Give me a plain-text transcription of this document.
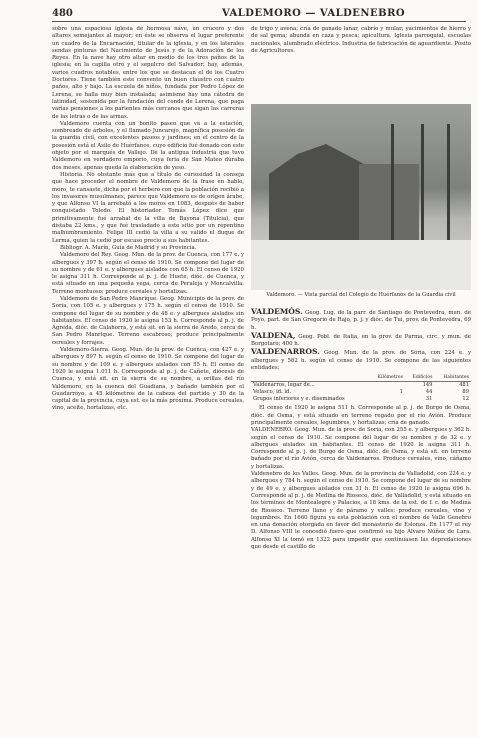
480	VALDEMORO — VALDENEBRO

sobre una espaciosa iglesia de hermosa nave, un crucero y dos altares semejantes al mayor; en éste se observa el lugar preferente un cuadro de la Encarnación, titular de la iglesia, y en los laterales sendas pinturas del Nacimiento de Jesús y de la Adoración de los Reyes. En la nave hay otro altar en medio de los tres paños de la iglesia; en la capilla otro y el sepulcro del Salvador; hay, además, varios cuadros notables, entre los que se destacan el de los Cuatro Doctores. Tiene también este convento un buen claustro con cuatro paños, alto y bajo. La escuela de niños, fundada por Pedro López de Lerena, se halla muy bien instalada; asimismo hay una cátedra de latinidad, sostenida por la fundación del conde de Lerena, que paga varias pensiones a los parientes más cercanos que sigan las carreras de las letras o de las armas.

Valdemoro cuenta con un bonito paseo que va a la estación, sombreado de árboles, y el llamado Juncarejo, magnífica posesión de la guardia civil, con excelentes paseos y jardines; en el centro de la posesión está el Asilo de Huérfanos, cuyo edificio fué donado con este objeto por el marqués de Vallejo. De la antigua industria que tuvo Valdemoro en verdadero emporio, cuya feria de San Mateo duraba dos meses, apenas queda la elaboración de yeso.

Historia. No obstante más que a título de curiosidad la conseja que hace proceder el nombre de Valdemoro de la frase en hable, moro, te cansaste, dicha por el herbero con que la población recibió a los invasores musulmanes, parece que Valdemoro es de origen árabe, y que Alfonso VI la arrebató a los moros en 1083, después de haber conquistado Toledo. El historiador Tomás López dice que primitivamente fué arrabal de la villa de Bayona (Titulcia), que distaba 22 kms., y que fué trasladado a este sitio por un repentino malhumbramiento. Felipe III cedió la villa a su valido el duque de Lerma, quien la cedió por escaso precio a sus habitantes.

Bibliogr. A. Marín, Guía de Madrid y su Provincia.

Valdemoro del Rey. Geog. Mun. de la prov. de Cuenca, con 177 e. y albergues y 397 h. según el censo de 1910. Se compone del lugar de su nombre y de 61 e. y albergues aislados con 65 h. El censo de 1920 le asigna 311 h. Corresponde al p. j. de Huete, dióc. de Cuenca, y está situado en una pequeña vega, cerca de Peraleja y Moncalvilla. Terreno montuoso; produce cereales y hortalizas.

Valdemoro de San Pedro Manrique. Geog. Municipio de la prov. de Soria, con 105 e. y albergues y 175 h. según el censo de 1910. Se compone del lugar de su nombre y de 48 e. y albergues aislados sin habitantes. El censo de 1920 le asigna 153 h. Corresponde al p. j. de Ágreda, dióc. de Calahorra, y está sit. en la sierra de Aredo, cerca de San Pedro Manrique. Terreno escabroso; produce principalmente cereales y forrajes.

Valdemoro-Sierra. Geog. Mun. de la prov. de Cuenca, con 427 e. y albergues y 897 h. según el censo de 1910. Se compone del lugar de su nombre y de 109 e. y albergues aislados con 55 h. El censo de 1920 le asigna 1.011 h. Corresponde al p. j. de Cañete, diócesis de Cuenca, y está sit. en la sierra de su nombre, a orillas del río Valdemoro, en la cuenca del Guadiana, y bañado también por el Guadarroyo, a 45 kilómetros de la cabeza del partido y 30 de la capital de la provincia, cuya est. es la más próxima. Produce cereales, vino, aceite, hortalizas, etc.

de trigo y avena; cría de ganado lanar, cabrío y mular; yacimientos de hierro y de sal gema; abunda en caza y pesca; apicultura. Iglesia parroquial, escuelas nacionales, alumbrado eléctrico. Industria de fabricación de aguardiente. Pósito de Agricultores.

Valdemoro. — Vista parcial del Colegio de Huérfanos de la Guardia civil

VALDEMÓS. Geog. Lug. de la parr. de Santiago de Pontevedra, mun. de Poyo, part. de San Gregorio de Rajo, p. j. y dióc. de Tui, prov. de Pontevedra, 69 h.

VALDENA, Geog. Pobl. de Italia, en la prov. de Parma, circ. y mun. de Borgotaro; 400 h.

VALDENARROS. Geog. Mun. de la prov. de Soria, con 224 e. y albergues y 582 h. según el censo de 1910. Se compone de las siguientes entidades:

	Kilómetros	Edificios	Habitantes
Valdenarros, lugar de...		149	481
Velasco, id. id.	1	44	89
Grupos inferiores y e. diseminados		31	12

El censo de 1920 le asigna 511 h. Corresponde al p. j. de Burgo de Osma, dióc. de Osma, y está situado en terreno regado por el río Avión. Produce principalmente cereales, legumbres, y hortalizas; cría de ganado.

VALDENEBRO. Geog. Mun. de la prov. de Soria, con 255 e. y albergues y 362 h. según el censo de 1910. Se compone del lugar de su nombre y de 32 e. y albergues aislados sin habitantes. El censo de 1920 le asigna 311 h. Corresponde al p. j. de Burgo de Osma, dióc. de Osma, y está sit. en terreno bañado por el río Avión, cerca de Valdenarros. Produce cereales, vino, cáñamo y hortalizas.

Valdenebro de los Valles. Geog. Mun. de la provincia de Valladolid, con 224 e. y albergues y 784 h. según el censo de 1910. Se compone del lugar de su nombre y de 49 e. y albergues aislados con 31 h. El censo de 1920 le asigna 696 h. Corresponde al p. j. de Medina de Rioseco, dióc. de Valladolid, y está situado en los términos de Montealegre y Palacios, a 18 kms. de la est. de f. c. de Medina de Rioseco. Terreno llano y de páramo y valles; produce cereales, vino y legumbres. En 1660 figura ya esta población con el nombre de Valle Genebro en una donación otorgada en favor del monasterio de Eslonza. En 1177 el rey D. Alfonso VIII le concedió fuero que confirmó su hijo Álvaro Núñez de Lara. Alfonso XI la tomó en 1322 para impedir que continuasen las depredaciones que desde el castillo de
